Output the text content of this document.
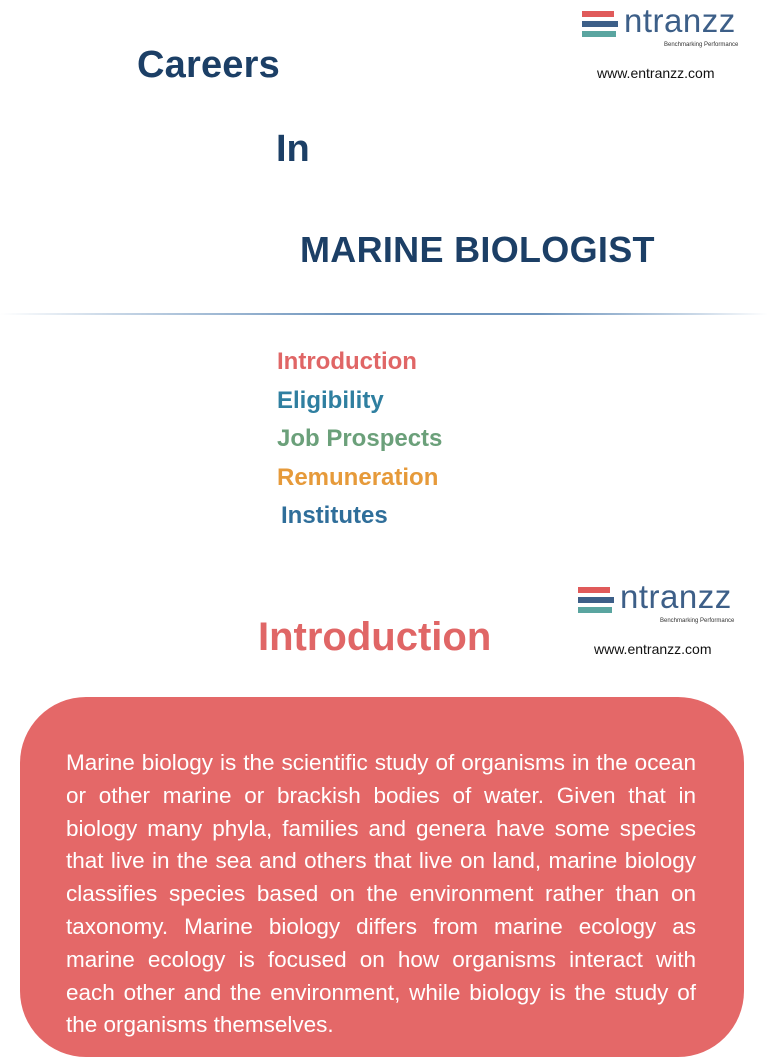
Careers
In
MARINE BIOLOGIST
ntranzz
Benchmarking Performance
www.entranzz.com
Introduction
Eligibility
Job Prospects
Remuneration
Institutes
ntranzz
Benchmarking Performance
www.entranzz.com
Introduction

Marine biology is the scientific study of organisms in the ocean or other marine or brackish bodies of water. Given that in biology many phyla, families and genera have some species that live in the sea and others that live on land, marine biology classifies species based on the environment rather than on taxonomy. Marine biology differs from marine ecology as marine ecology is focused on how organisms interact with each other and the environment, while biology is the study of the organisms themselves.
